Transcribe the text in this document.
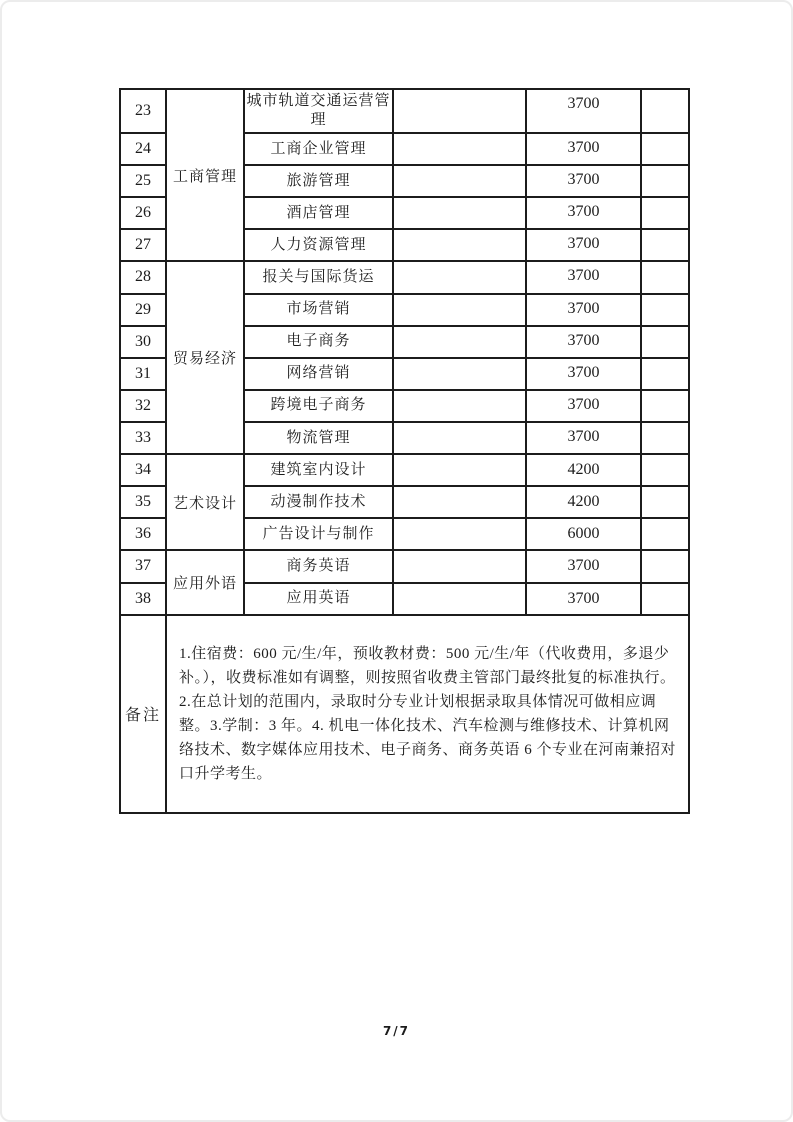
23	工商管理	城市轨道交通运营管理		3700	
24		工商企业管理		3700	
25		旅游管理		3700	
26		酒店管理		3700	
27		人力资源管理		3700	
28	贸易经济	报关与国际货运		3700	
29		市场营销		3700	
30		电子商务		3700	
31		网络营销		3700	
32		跨境电子商务		3700	
33		物流管理		3700	
34	艺术设计	建筑室内设计		4200	
35		动漫制作技术		4200	
36		广告设计与制作		6000	
37	应用外语	商务英语		3700	
38		应用英语		3700	
备注	1.住宿费：600 元/生/年，预收教材费：500 元/生/年（代收费用，多退少补。），收费标准如有调整，则按照省收费主管部门最终批复的标准执行。2.在总计划的范围内，录取时分专业计划根据录取具体情况可做相应调整。3.学制：3 年。4. 机电一体化技术、汽车检测与维修技术、计算机网络技术、数字媒体应用技术、电子商务、商务英语 6 个专业在河南兼招对口升学考生。				
7/7
